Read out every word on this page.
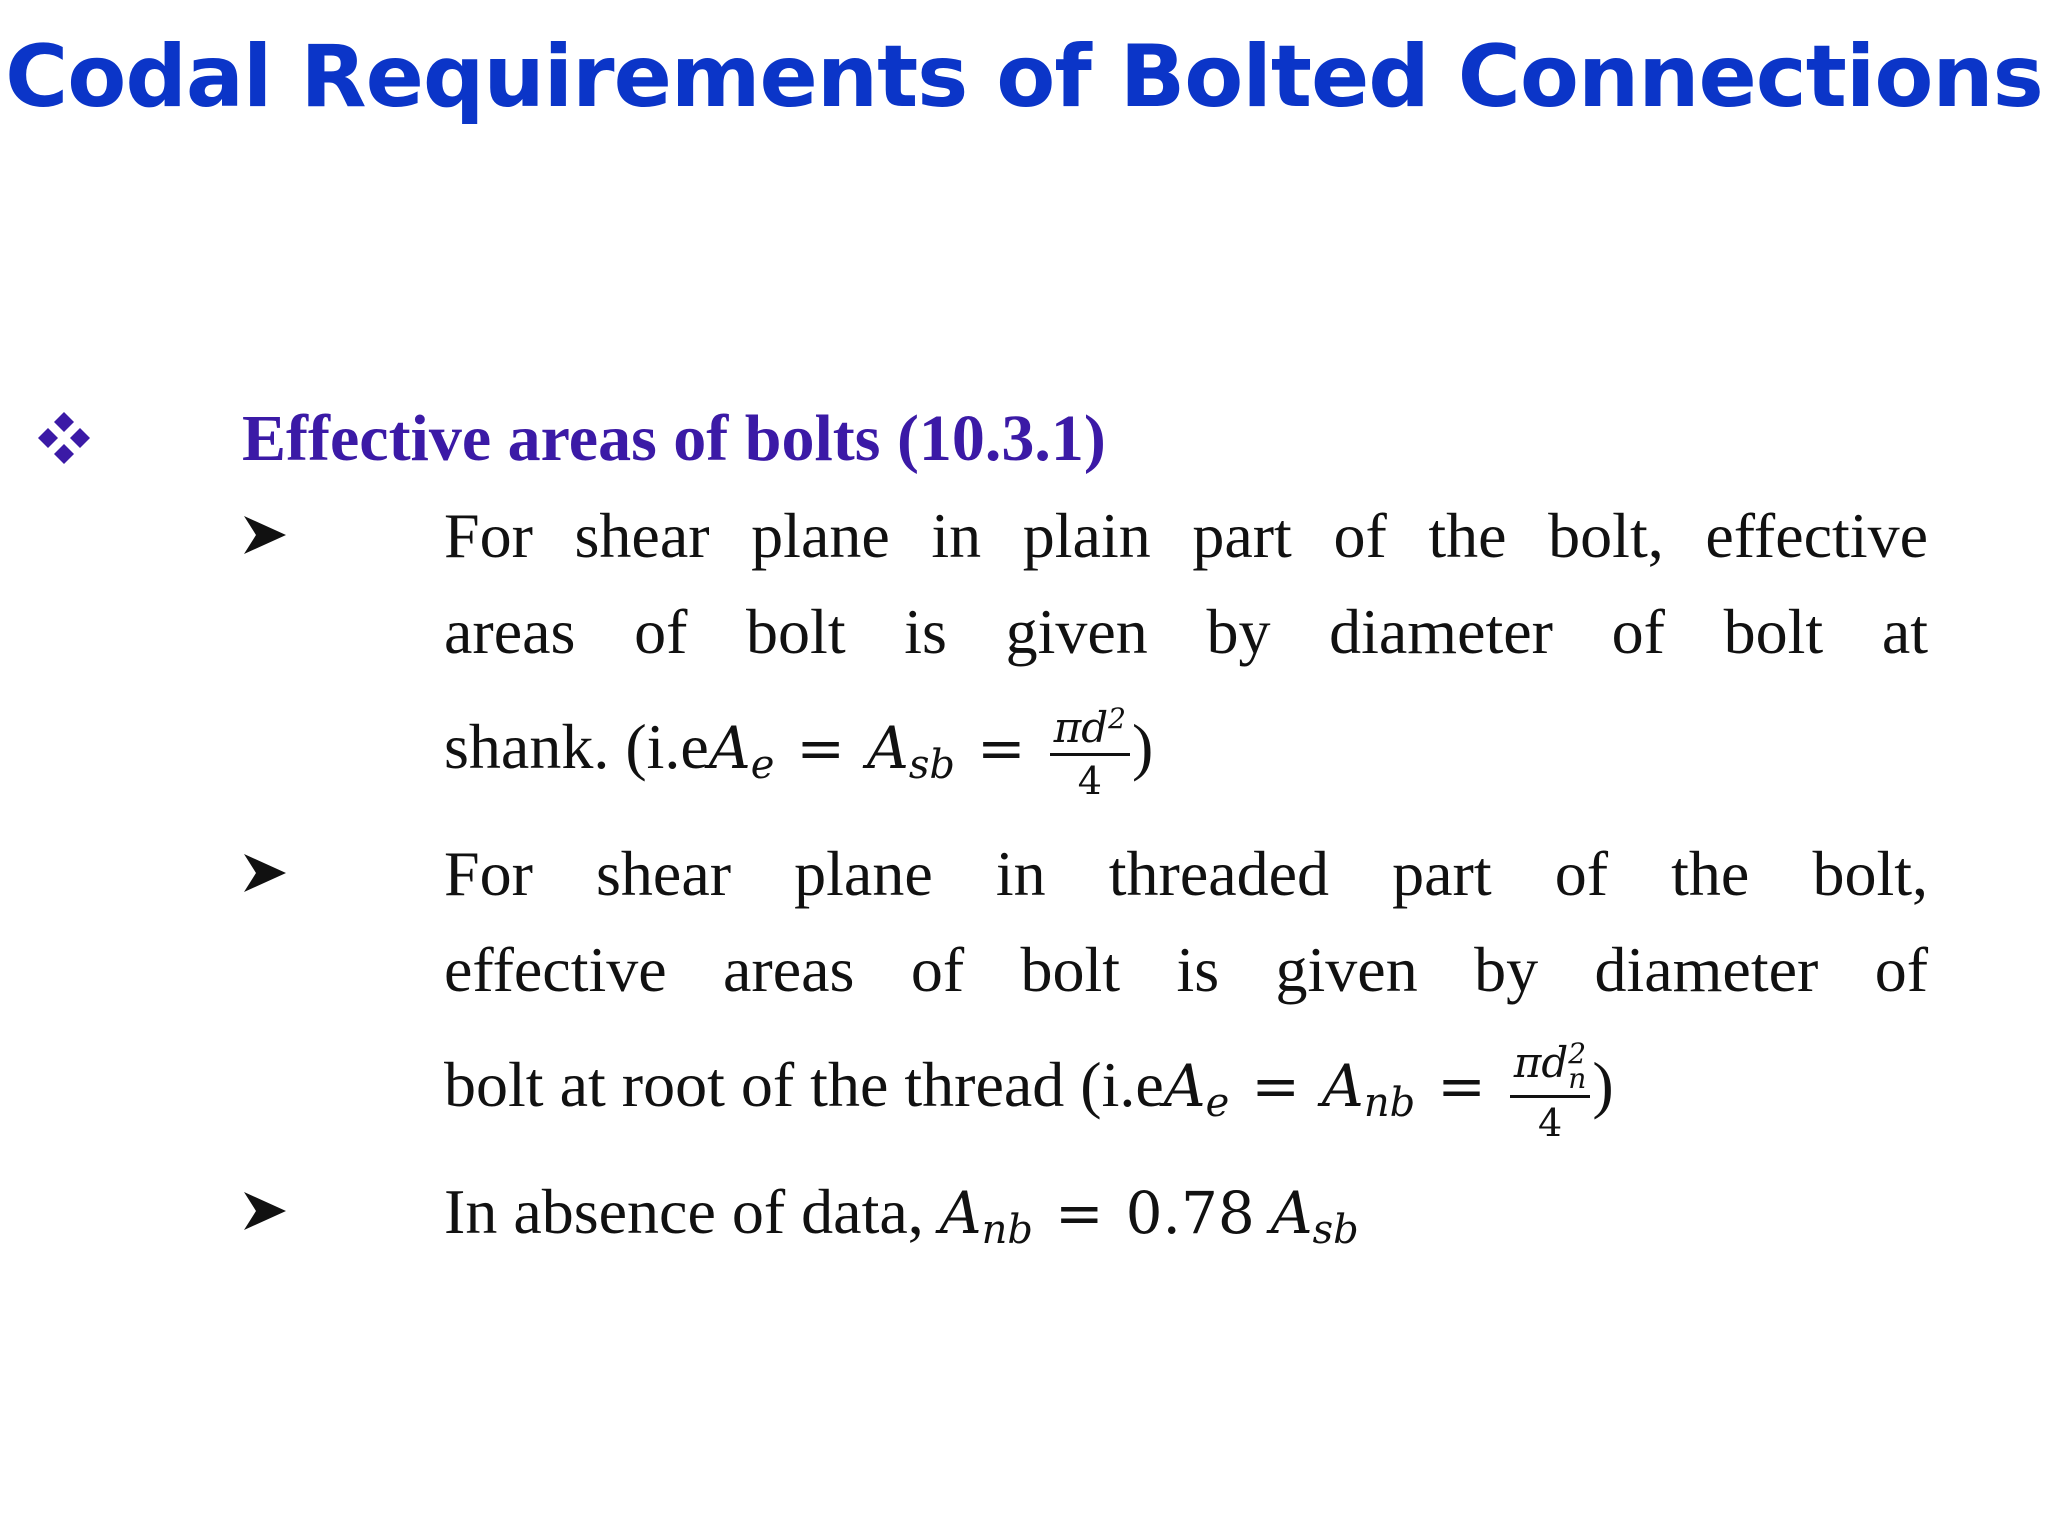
Codal Requirements of Bolted Connections
Effective areas of bolts (10.3.1)
For shear plane in plain part of the bolt, effective
areas of bolt is given by diameter of bolt at
shank. ($i.eA_e = A_{sb} = \frac{\pi d^2}{4}$ )
For shear plane in threaded part of the bolt,
effective areas of bolt is given by diameter of
bolt at root of the thread ($i.eA_e = A_{nb} = \pi d$ 2
n
4 )
In absence of data, $A_{nb} = 0.78$ $A_{sb}$
